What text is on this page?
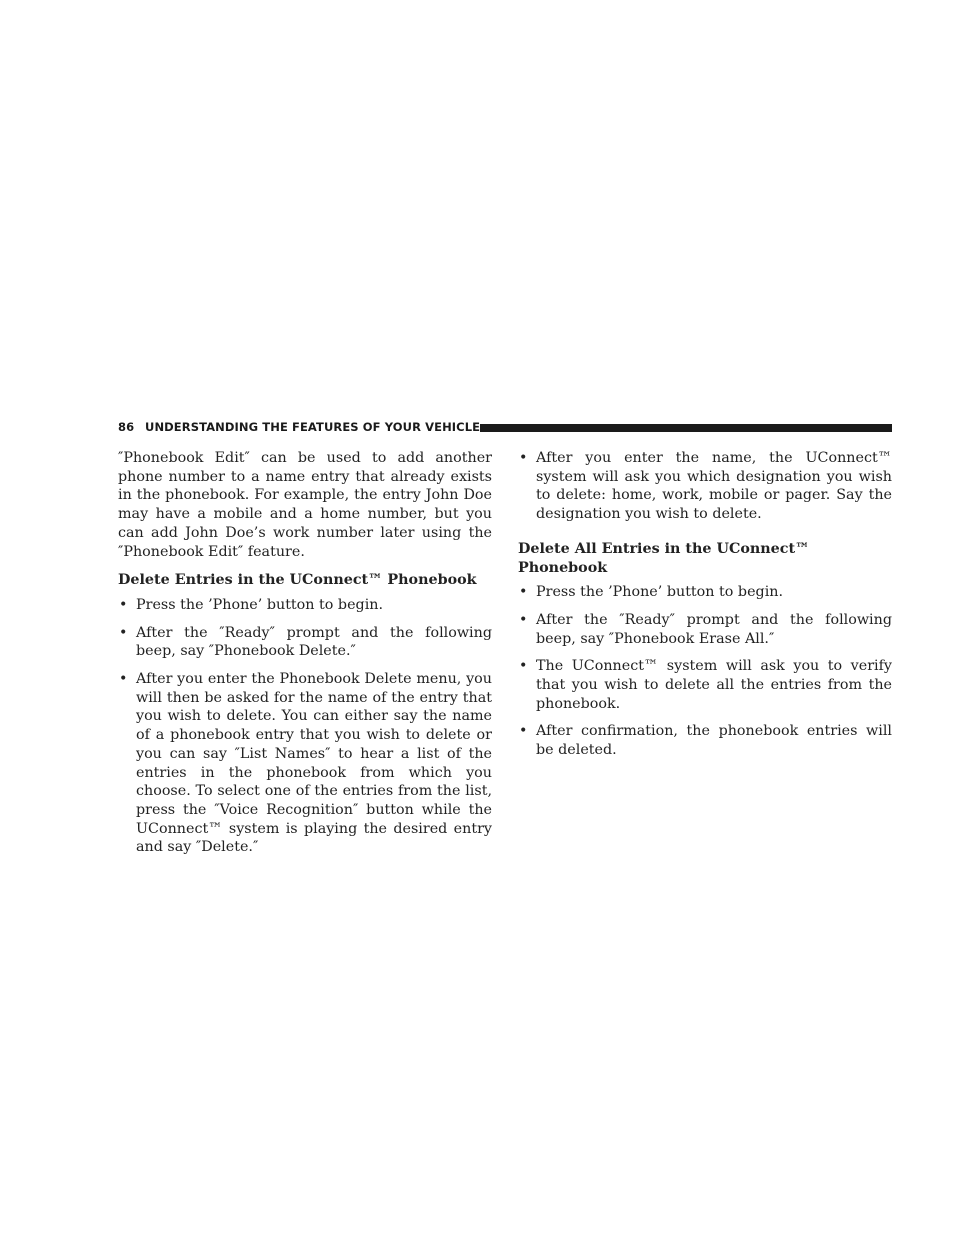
86 UNDERSTANDING THE FEATURES OF YOUR VEHICLE

″Phonebook Edit″ can be used to add another phone number to a name entry that already exists in the phonebook. For example, the entry John Doe may have a mobile and a home number, but you can add John Doe’s work number later using the ″Phonebook Edit″ feature.

Delete Entries in the UConnect™ Phonebook

• Press the ’Phone’ button to begin.
• After the ″Ready″ prompt and the following beep, say ″Phonebook Delete.″
• After you enter the Phonebook Delete menu, you will then be asked for the name of the entry that you wish to delete. You can either say the name of a phonebook entry that you wish to delete or you can say ″List Names″ to hear a list of the entries in the phonebook from which you choose. To select one of the entries from the list, press the ″Voice Recognition″ button while the UConnect™ system is playing the desired entry and say ″Delete.″
• After you enter the name, the UConnect™ system will ask you which designation you wish to delete: home, work, mobile or pager. Say the designation you wish to delete.

Delete All Entries in the UConnect™ Phonebook

• Press the ’Phone’ button to begin.
• After the ″Ready″ prompt and the following beep, say ″Phonebook Erase All.″
• The UConnect™ system will ask you to verify that you wish to delete all the entries from the phonebook.
• After confirmation, the phonebook entries will be deleted.
